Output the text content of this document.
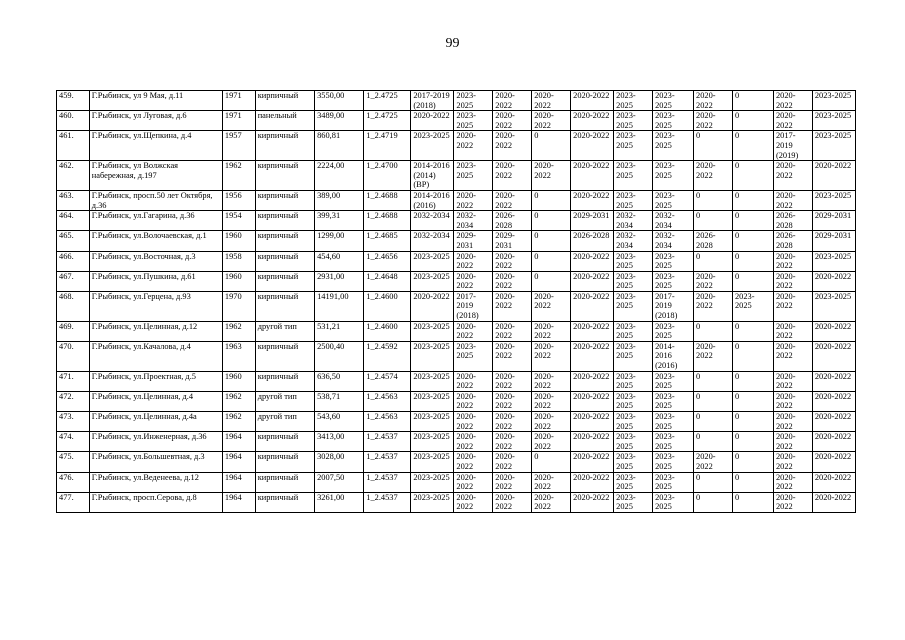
99
459.	Г.Рыбинск, ул 9 Мая, д.11	1971	кирпичный	3550,00	1_2.4725	2017-2019 (2018)	2023-2025	2020-2022	2020-2022	2020-2022	2023-2025	2023-2025	2020-2022	0	2020-2022	2023-2025
460.	Г.Рыбинск, ул Луговая, д.6	1971	панельный	3489,00	1_2.4725	2020-2022	2023-2025	2020-2022	2020-2022	2020-2022	2023-2025	2023-2025	2020-2022	0	2020-2022	2023-2025
461.	Г.Рыбинск, ул.Щепкина, д.4	1957	кирпичный	860,81	1_2.4719	2023-2025	2020-2022	2020-2022	0	2020-2022	2023-2025	2023-2025	0	0	2017-2019 (2019)	2023-2025
462.	Г.Рыбинск, ул Волжская набережная, д.197	1962	кирпичный	2224,00	1_2.4700	2014-2016 (2014) (ВР)	2023-2025	2020-2022	2020-2022	2020-2022	2023-2025	2023-2025	2020-2022	0	2020-2022	2020-2022
463.	Г.Рыбинск, просп.50 лет Октября, д.36	1956	кирпичный	389,00	1_2.4688	2014-2016 (2016)	2020-2022	2020-2022	0	2020-2022	2023-2025	2023-2025	0	0	2020-2022	2023-2025
464.	Г.Рыбинск, ул.Гагарина, д.36	1954	кирпичный	399,31	1_2.4688	2032-2034	2032-2034	2026-2028	0	2029-2031	2032-2034	2032-2034	0	0	2026-2028	2029-2031
465.	Г.Рыбинск, ул.Волочаевская, д.1	1960	кирпичный	1299,00	1_2.4685	2032-2034	2029-2031	2029-2031	0	2026-2028	2032-2034	2032-2034	2026-2028	0	2026-2028	2029-2031
466.	Г.Рыбинск, ул.Восточная, д.3	1958	кирпичный	454,60	1_2.4656	2023-2025	2020-2022	2020-2022	0	2020-2022	2023-2025	2023-2025	0	0	2020-2022	2023-2025
467.	Г.Рыбинск, ул.Пушкина, д.61	1960	кирпичный	2931,00	1_2.4648	2023-2025	2020-2022	2020-2022	0	2020-2022	2023-2025	2023-2025	2020-2022	0	2020-2022	2020-2022
468.	Г.Рыбинск, ул.Герцена, д.93	1970	кирпичный	14191,00	1_2.4600	2020-2022	2017-2019 (2018)	2020-2022	2020-2022	2020-2022	2023-2025	2017-2019 (2018)	2020-2022	2023-2025	2020-2022	2023-2025
469.	Г.Рыбинск, ул.Целинная, д.12	1962	другой тип	531,21	1_2.4600	2023-2025	2020-2022	2020-2022	2020-2022	2020-2022	2023-2025	2023-2025	0	0	2020-2022	2020-2022
470.	Г.Рыбинск, ул.Качалова, д.4	1963	кирпичный	2500,40	1_2.4592	2023-2025	2023-2025	2020-2022	2020-2022	2020-2022	2023-2025	2014-2016 (2016)	2020-2022	0	2020-2022	2020-2022
471.	Г.Рыбинск, ул.Проектная, д.5	1960	кирпичный	636,50	1_2.4574	2023-2025	2020-2022	2020-2022	2020-2022	2020-2022	2023-2025	2023-2025	0	0	2020-2022	2020-2022
472.	Г.Рыбинск, ул.Целинная, д.4	1962	другой тип	538,71	1_2.4563	2023-2025	2020-2022	2020-2022	2020-2022	2020-2022	2023-2025	2023-2025	0	0	2020-2022	2020-2022
473.	Г.Рыбинск, ул.Целинная, д.4а	1962	другой тип	543,60	1_2.4563	2023-2025	2020-2022	2020-2022	2020-2022	2020-2022	2023-2025	2023-2025	0	0	2020-2022	2020-2022
474.	Г.Рыбинск, ул.Инженерная, д.36	1964	кирпичный	3413,00	1_2.4537	2023-2025	2020-2022	2020-2022	2020-2022	2020-2022	2023-2025	2023-2025	0	0	2020-2022	2020-2022
475.	Г.Рыбинск, ул.Большевтная, д.3	1964	кирпичный	3028,00	1_2.4537	2023-2025	2020-2022	2020-2022	0	2020-2022	2023-2025	2023-2025	2020-2022	0	2020-2022	2020-2022
476.	Г.Рыбинск, ул.Веденеева, д.12	1964	кирпичный	2007,50	1_2.4537	2023-2025	2020-2022	2020-2022	2020-2022	2020-2022	2023-2025	2023-2025	0	0	2020-2022	2020-2022
477.	Г.Рыбинск, просп.Серова, д.8	1964	кирпичный	3261,00	1_2.4537	2023-2025	2020-2022	2020-2022	2020-2022	2020-2022	2023-2025	2023-2025	0	0	2020-2022	2020-2022
